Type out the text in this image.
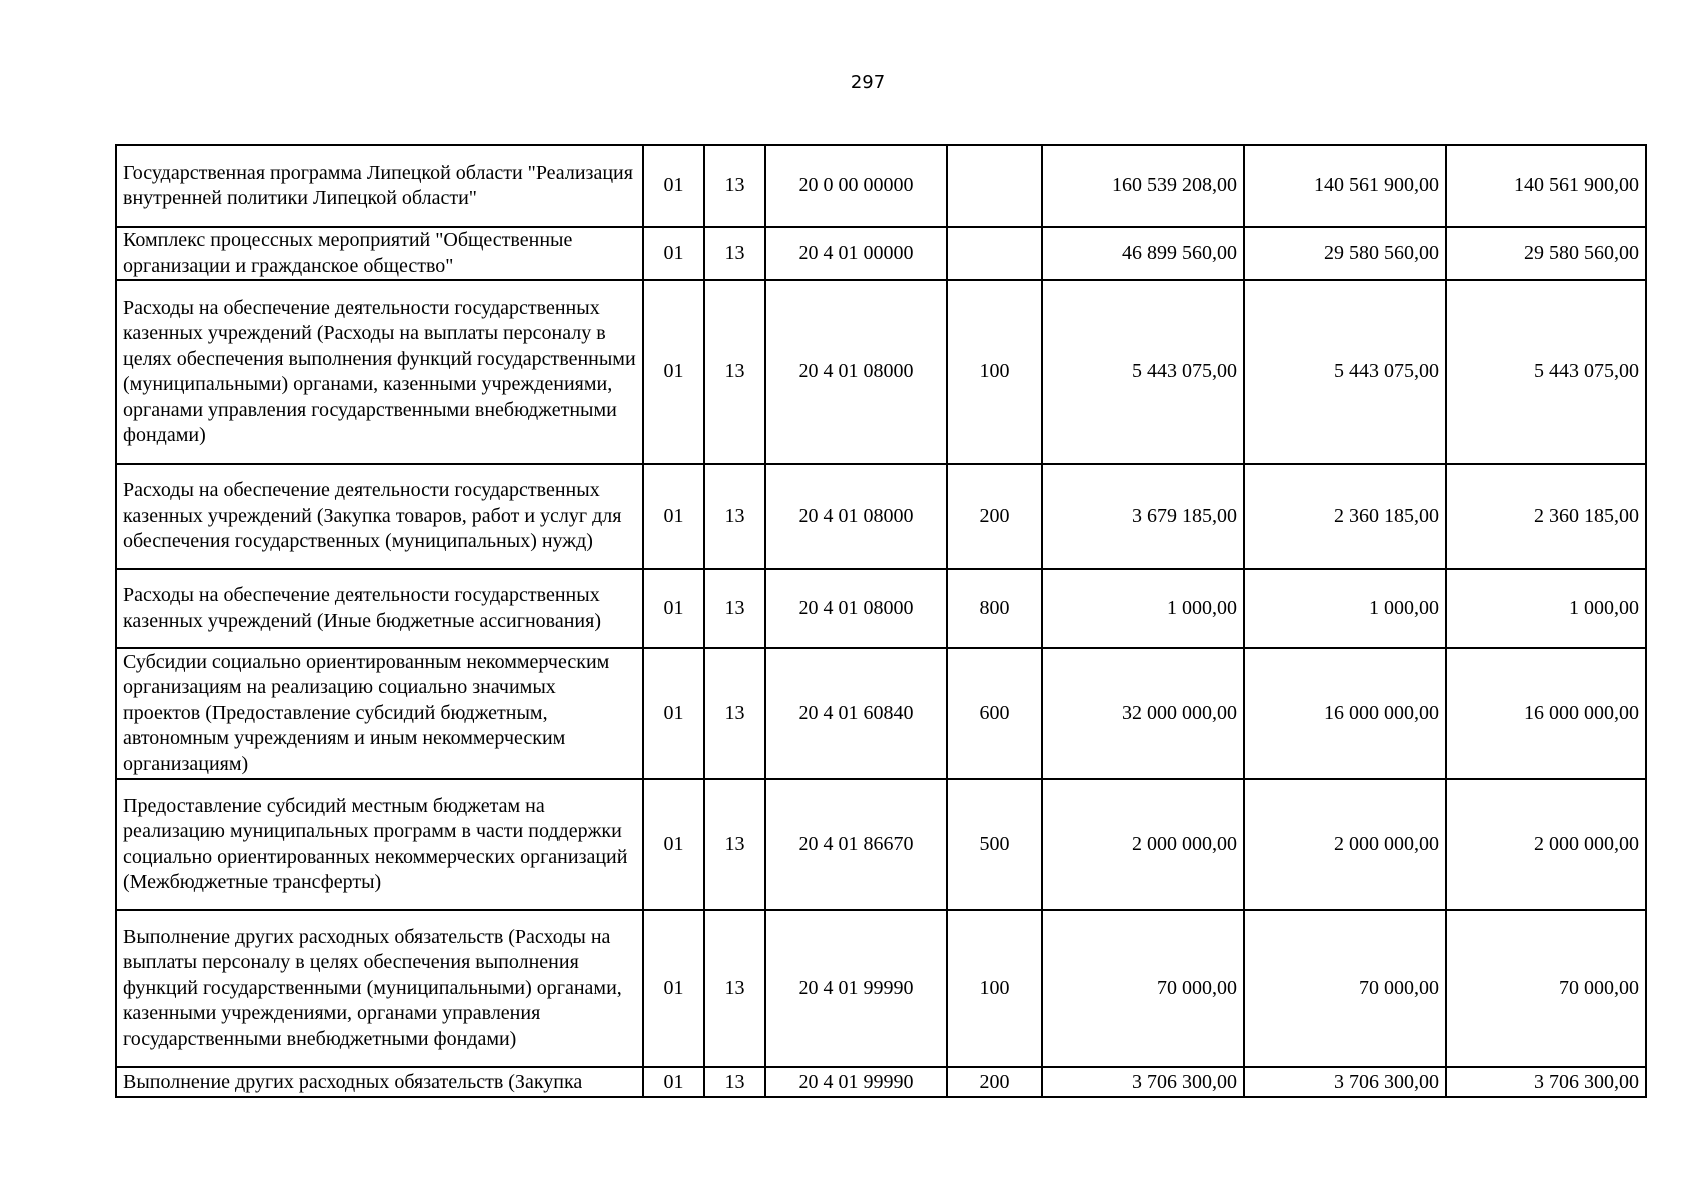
297
Государственная программа Липецкой области "Реализация внутренней политики Липецкой области"	01	13	20 0 00 00000		160 539 208,00	140 561 900,00	140 561 900,00
Комплекс процессных мероприятий "Общественные организации и гражданское общество"	01	13	20 4 01 00000		46 899 560,00	29 580 560,00	29 580 560,00
Расходы на обеспечение деятельности государственных казенных учреждений (Расходы на выплаты персоналу в целях обеспечения выполнения функций государственными (муниципальными) органами, казенными учреждениями, органами управления государственными внебюджетными фондами)	01	13	20 4 01 08000	100	5 443 075,00	5 443 075,00	5 443 075,00
Расходы на обеспечение деятельности государственных казенных учреждений (Закупка товаров, работ и услуг для обеспечения государственных (муниципальных) нужд)	01	13	20 4 01 08000	200	3 679 185,00	2 360 185,00	2 360 185,00
Расходы на обеспечение деятельности государственных казенных учреждений (Иные бюджетные ассигнования)	01	13	20 4 01 08000	800	1 000,00	1 000,00	1 000,00
Субсидии социально ориентированным некоммерческим организациям на реализацию социально значимых проектов (Предоставление субсидий бюджетным, автономным учреждениям и иным некоммерческим организациям)	01	13	20 4 01 60840	600	32 000 000,00	16 000 000,00	16 000 000,00
Предоставление субсидий местным бюджетам на реализацию муниципальных программ в части поддержки социально ориентированных некоммерческих организаций (Межбюджетные трансферты)	01	13	20 4 01 86670	500	2 000 000,00	2 000 000,00	2 000 000,00
Выполнение других расходных обязательств (Расходы на выплаты персоналу в целях обеспечения выполнения функций государственными (муниципальными) органами, казенными учреждениями, органами управления государственными внебюджетными фондами)	01	13	20 4 01 99990	100	70 000,00	70 000,00	70 000,00
Выполнение других расходных обязательств (Закупка	01	13	20 4 01 99990	200	3 706 300,00	3 706 300,00	3 706 300,00
